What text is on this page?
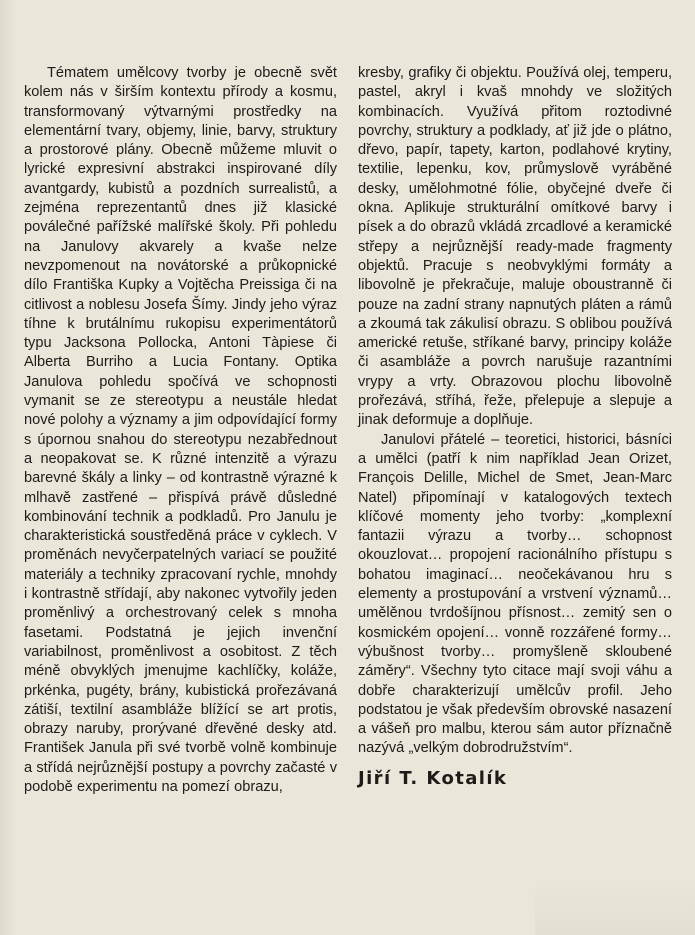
Tématem umělcovy tvorby je obecně svět kolem nás v širším kontextu přírody a kosmu, transformovaný výtvarnými prostředky na elementární tvary, objemy, linie, barvy, struktury a prostorové plány. Obecně můžeme mluvit o lyrické expresivní abstrakci inspirované díly avantgardy, kubistů a pozdních surrealistů, a zejména reprezentantů dnes již klasické poválečné pařížské malířské školy. Při pohledu na Janulovy akvarely a kvaše nelze nevzpomenout na novátorské a průkopnické dílo Františka Kupky a Vojtěcha Preissiga či na citlivost a noblesu Josefa Šímy. Jindy jeho výraz tíhne k brutálnímu rukopisu experimentátorů typu Jacksona Pollocka, Antoni Tàpiese či Alberta Burriho a Lucia Fontany. Optika Janulova pohledu spočívá ve schopnosti vymanit se ze stereotypu a neustále hledat nové polohy a významy a jim odpovídající formy s úpornou snahou do stereotypu nezabřednout a neopakovat se. K různé intenzitě a výrazu barevné škály a linky – od kontrastně výrazné k mlhavě zastřené – přispívá právě důsledné kombinování technik a podkladů. Pro Janulu je charakteristická soustředěná práce v cyklech. V proměnách nevyčerpatelných variací se použité materiály a techniky zpracovaní rychle, mnohdy i kontrastně střídají, aby nakonec vytvořily jeden proměnlivý a orchestrovaný celek s mnoha fasetami. Podstatná je jejich invenční variabilnost, proměnlivost a osobitost. Z těch méně obvyklých jmenujme kachlíčky, koláže, prkénka, pugéty, brány, kubistická prořezávaná zátiší, textilní asambláže blížící se art protis, obrazy naruby, prorývané dřevěné desky atd. František Janula při své tvorbě volně kombinuje a střídá nejrůznější postupy a povrchy začasté v podobě experimentu na pomezí obrazu,

kresby, grafiky či objektu. Používá olej, temperu, pastel, akryl i kvaš mnohdy ve složitých kombinacích. Využívá přitom roztodivné povrchy, struktury a podklady, ať již jde o plátno, dřevo, papír, tapety, karton, podlahové krytiny, textilie, lepenku, kov, průmyslově vyráběné desky, umělohmotné fólie, obyčejné dveře či okna. Aplikuje strukturální omítkové barvy i písek a do obrazů vkládá zrcadlové a keramické střepy a nejrůznější ready-made fragmenty objektů. Pracuje s neobvyklými formáty a libovolně je překračuje, maluje oboustranně či pouze na zadní strany napnutých pláten a rámů a zkoumá tak zákulisí obrazu. S oblibou používá americké retuše, stříkané barvy, principy koláže či asambláže a povrch narušuje razantními vrypy a vrty. Obrazovou plochu libovolně prořezává, stříhá, řeže, přelepuje a slepuje a jinak deformuje a doplňuje.

Janulovi přátelé – teoretici, historici, básníci a umělci (patří k nim například Jean Orizet, François Delille, Michel de Smet, Jean-Marc Natel) připomínají v katalogových textech klíčové momenty jeho tvorby: „komplexní fantazii výrazu a tvorby… schopnost okouzlovat… propojení racionálního přístupu s bohatou imaginací… neočekávanou hru s elementy a prostupování a vrstvení významů… umělěnou tvrdošíjnou přísnost… zemitý sen o kosmickém opojení… vonně rozzářené formy… výbušnost tvorby… promyšleně skloubené záměry“. Všechny tyto citace mají svoji váhu a dobře charakterizují umělcův profil. Jeho podstatou je však především obrovské nasazení a vášeň pro malbu, kterou sám autor příznačně nazývá „velkým dobrodružstvím“.

Jiří T. Kotalík
